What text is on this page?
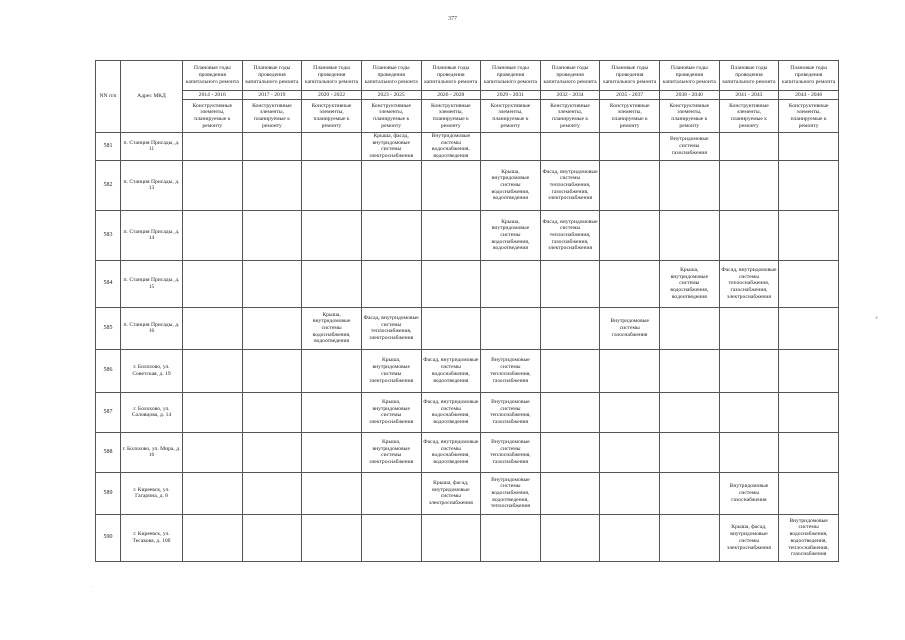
377
·
+
NN п/п	Адрес МКД	Плановые годы проведения капитального ремонта	Плановые годы проведения капитального ремонта	Плановые годы проведения капитального ремонта	Плановые годы проведения капитального ремонта	Плановые годы проведения капитального ремонта	Плановые годы проведения капитального ремонта	Плановые годы проведения капитального ремонта	Плановые годы проведения капитального ремонта	Плановые годы проведения капитального ремонта	Плановые годы проведения капитального ремонта	Плановые годы проведения капитального ремонта
		2014 - 2016	2017 - 2019	2020 - 2022	2023 - 2025	2026 - 2028	2029 - 2031	2032 - 2034	2035 - 2037	2038 - 2040	2041 - 2043	2044 - 2046
		Конструктивные элементы, планируемые к ремонту	Конструктивные элементы, планируемые к ремонту	Конструктивные элементы, планируемые к ремонту	Конструктивные элементы, планируемые к ремонту	Конструктивные элементы, планируемые к ремонту	Конструктивные элементы, планируемые к ремонту	Конструктивные элементы, планируемые к ремонту	Конструктивные элементы, планируемые к ремонту	Конструктивные элементы, планируемые к ремонту	Конструктивные элементы, планируемые к ремонту	Конструктивные элементы, планируемые к ремонту
581	п. Станция Присады, д. 11				Крыша, фасад, внутридомовые системы электроснабжения	Внутридомовые системы водоснабжения, водоотведения				Внутридомовые системы газоснабжения		
582	п. Станция Присады, д. 13						Крыша, внутридомовые системы водоснабжения, водоотведения	Фасад, внутридомовые системы теплоснабжения, газоснабжения, электроснабжения				
583	п. Станция Присады, д. 14						Крыша, внутридомовые системы водоснабжения, водоотведения	Фасад, внутридомовые системы теплоснабжения, газоснабжения, электроснабжения				
584	п. Станция Присады, д. 15									Крыша, внутридомовые системы водоснабжения, водоотведения	Фасад, внутридомовые системы теплоснабжения, газоснабжения, электроснабжения	
585	п. Станция Присады, д. 16			Крыша, внутридомовые системы водоснабжения, водоотведения	Фасад, внутридомовые системы теплоснабжения, электроснабжения				Внутридомовые системы газоснабжения			
586	г. Болохово, ул. Советская, д. 19				Крыша, внутридомовые системы электроснабжения	Фасад, внутридомовые системы водоснабжения, водоотведения	Внутридомовые системы теплоснабжения, газоснабжения					
587	г. Болохово, ул. Соловцова, д. 14				Крыша, внутридомовые системы электроснабжения	Фасад, внутридомовые системы водоснабжения, водоотведения	Внутридомовые системы теплоснабжения, газоснабжения					
588	г. Болохово, ул. Мира, д. 16				Крыша, внутридомовые системы электроснабжения	Фасад, внутридомовые системы водоснабжения, водоотведения	Внутридомовые системы теплоснабжения, газоснабжения					
589	г. Киреевск, ул. Гагарина, д. 8					Крыша, фасад, внутридомовые системы электроснабжения	Внутридомовые системы водоснабжения, водоотведения, теплоснабжения				Внутридомовые системы газоснабжения	
590	г. Киреевск, ул. Тесакова, д. 10б										Крыша, фасад, внутридомовые системы электроснабжения	Внутридомовые системы водоснабжения, водоотведения, теплоснабжения, газоснабжения
